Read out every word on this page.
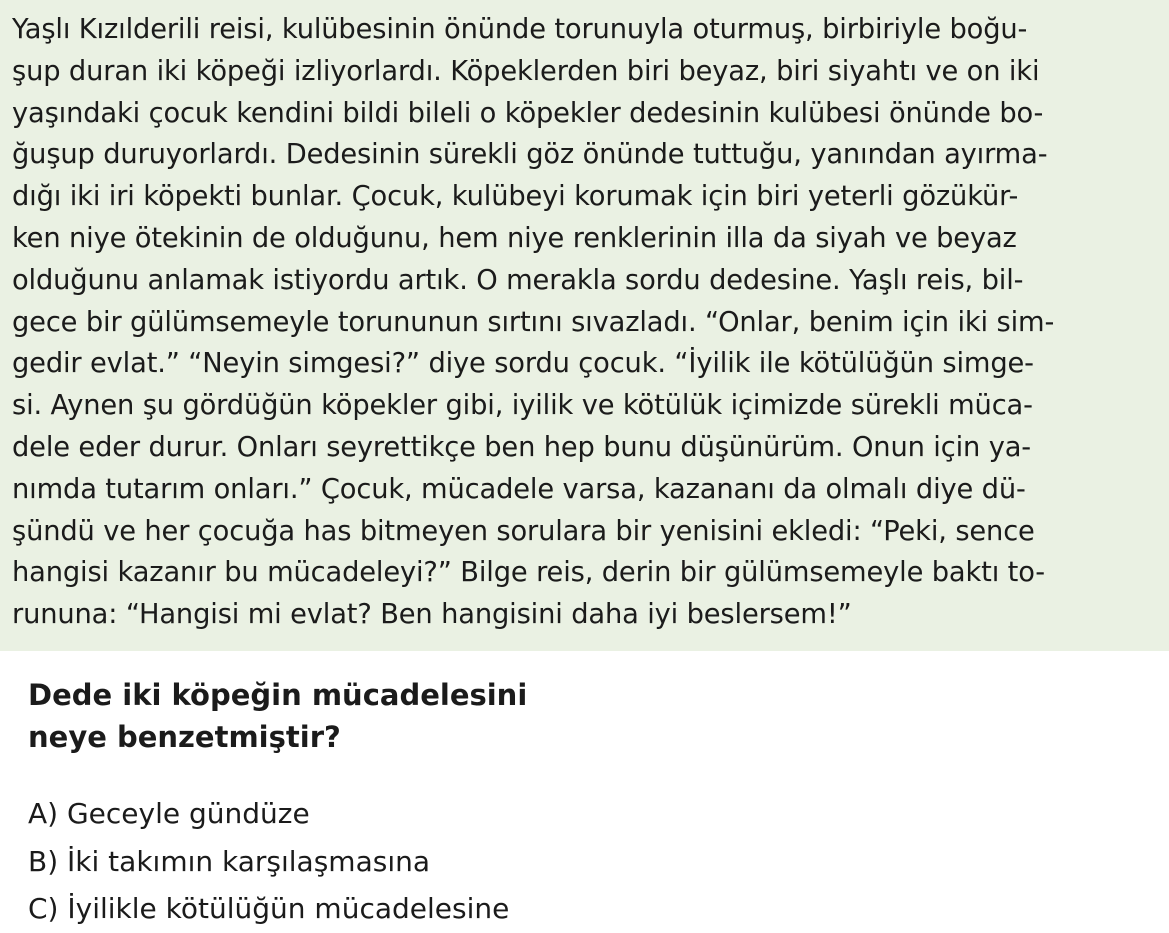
Yaşlı Kızılderili reisi, kulübesinin önünde torunuyla oturmuş, birbiriyle boğu-
şup duran iki köpeği izliyorlardı. Köpeklerden biri beyaz, biri siyahtı ve on iki
yaşındaki çocuk kendini bildi bileli o köpekler dedesinin kulübesi önünde bo-
ğuşup duruyorlardı. Dedesinin sürekli göz önünde tuttuğu, yanından ayırma-
dığı iki iri köpekti bunlar. Çocuk, kulübeyi korumak için biri yeterli gözükür-
ken niye ötekinin de olduğunu, hem niye renklerinin illa da siyah ve beyaz
olduğunu anlamak istiyordu artık. O merakla sordu dedesine. Yaşlı reis, bil-
gece bir gülümsemeyle torununun sırtını sıvazladı. “Onlar, benim için iki sim-
gedir evlat.” “Neyin simgesi?” diye sordu çocuk. “İyilik ile kötülüğün simge-
si. Aynen şu gördüğün köpekler gibi, iyilik ve kötülük içimizde sürekli müca-
dele eder durur. Onları seyrettikçe ben hep bunu düşünürüm. Onun için ya-
nımda tutarım onları.” Çocuk, mücadele varsa, kazananı da olmalı diye dü-
şündü ve her çocuğa has bitmeyen sorulara bir yenisini ekledi: “Peki, sence
hangisi kazanır bu mücadeleyi?” Bilge reis, derin bir gülümsemeyle baktı to-
rununa: “Hangisi mi evlat? Ben hangisini daha iyi beslersem!”
Dede iki köpeğin mücadelesini
neye benzetmiştir?
A) Geceyle gündüze
B) İki takımın karşılaşmasına
C) İyilikle kötülüğün mücadelesine
